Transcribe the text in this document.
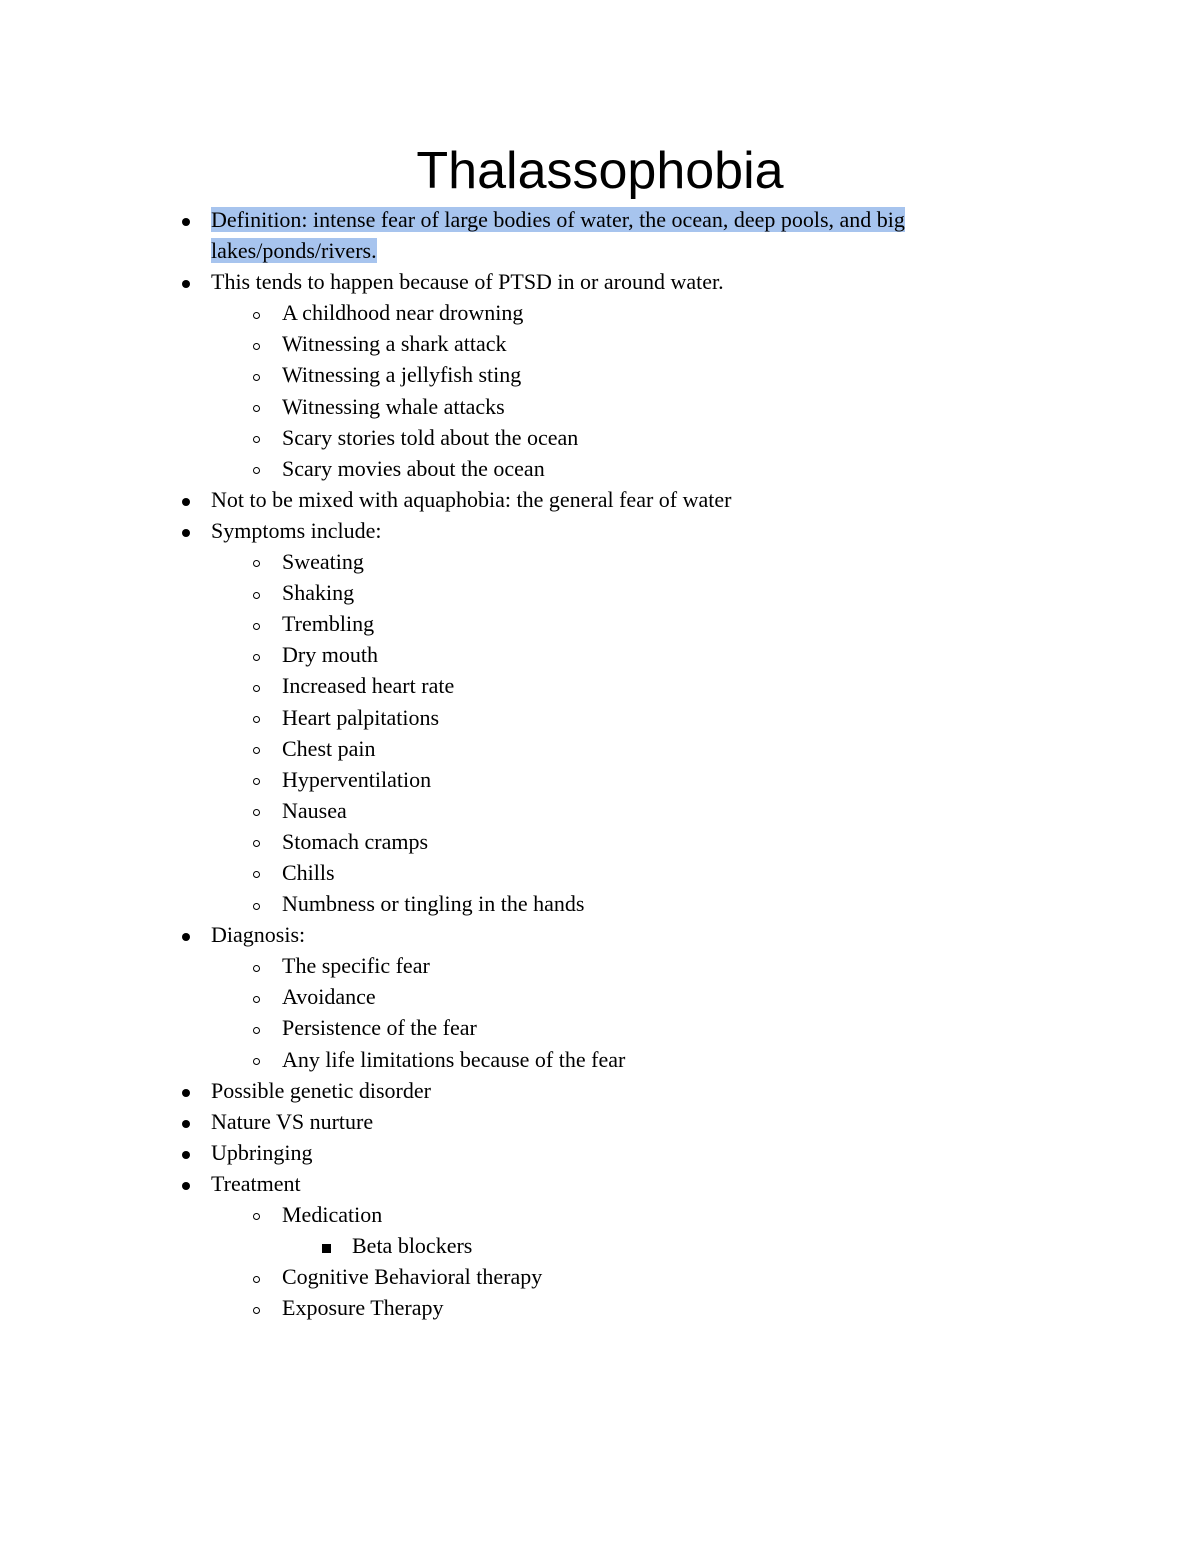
Thalassophobia
Definition: intense fear of large bodies of water, the ocean, deep pools, and big
lakes/ponds/rivers.
This tends to happen because of PTSD in or around water.
A childhood near drowning
Witnessing a shark attack
Witnessing a jellyfish sting
Witnessing whale attacks
Scary stories told about the ocean
Scary movies about the ocean
Not to be mixed with aquaphobia: the general fear of water
Symptoms include:
Sweating
Shaking
Trembling
Dry mouth
Increased heart rate
Heart palpitations
Chest pain
Hyperventilation
Nausea
Stomach cramps
Chills
Numbness or tingling in the hands
Diagnosis:
The specific fear
Avoidance
Persistence of the fear
Any life limitations because of the fear
Possible genetic disorder
Nature VS nurture
Upbringing
Treatment
Medication
Beta blockers
Cognitive Behavioral therapy
Exposure Therapy
